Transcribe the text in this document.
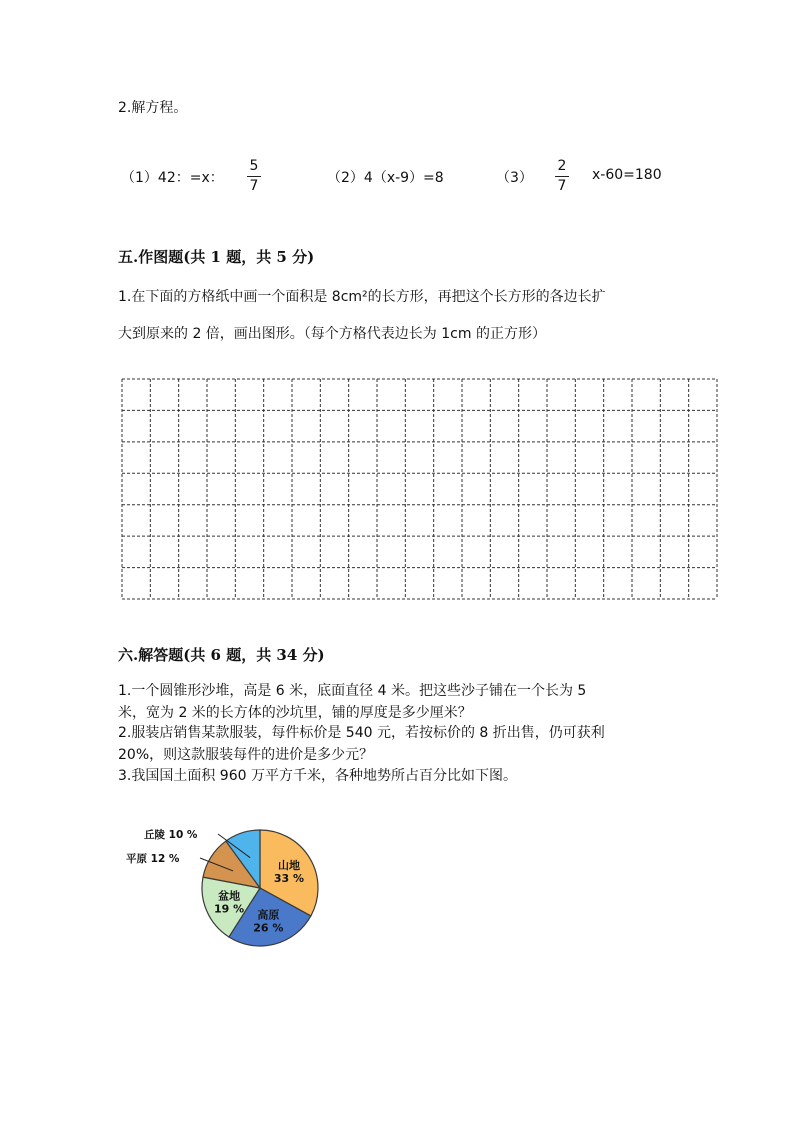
2.解方程。
（1）42：=x：
5
7	（2）4（x-9）=8	（3）
2
7
x-60=180
五.作图题(共 1 题，共 5 分)
1.在下面的方格纸中画一个面积是 8cm²的长方形，再把这个长方形的各边长扩
大到原来的 2 倍，画出图形。（每个方格代表边长为 1cm 的正方形）
六.解答题(共 6 题，共 34 分)
1.一个圆锥形沙堆，高是 6 米，底面直径 4 米。把这些沙子铺在一个长为 5
米，宽为 2 米的长方体的沙坑里，铺的厚度是多少厘米？
2.服装店销售某款服装，每件标价是 540 元，若按标价的 8 折出售，仍可获利
20%，则这款服装每件的进价是多少元？
3.我国国土面积 960 万平方千米，各种地势所占百分比如下图。
山地
33 %
高原
26 %
盆地
19 %
平原 12 %
丘陵 10 %
